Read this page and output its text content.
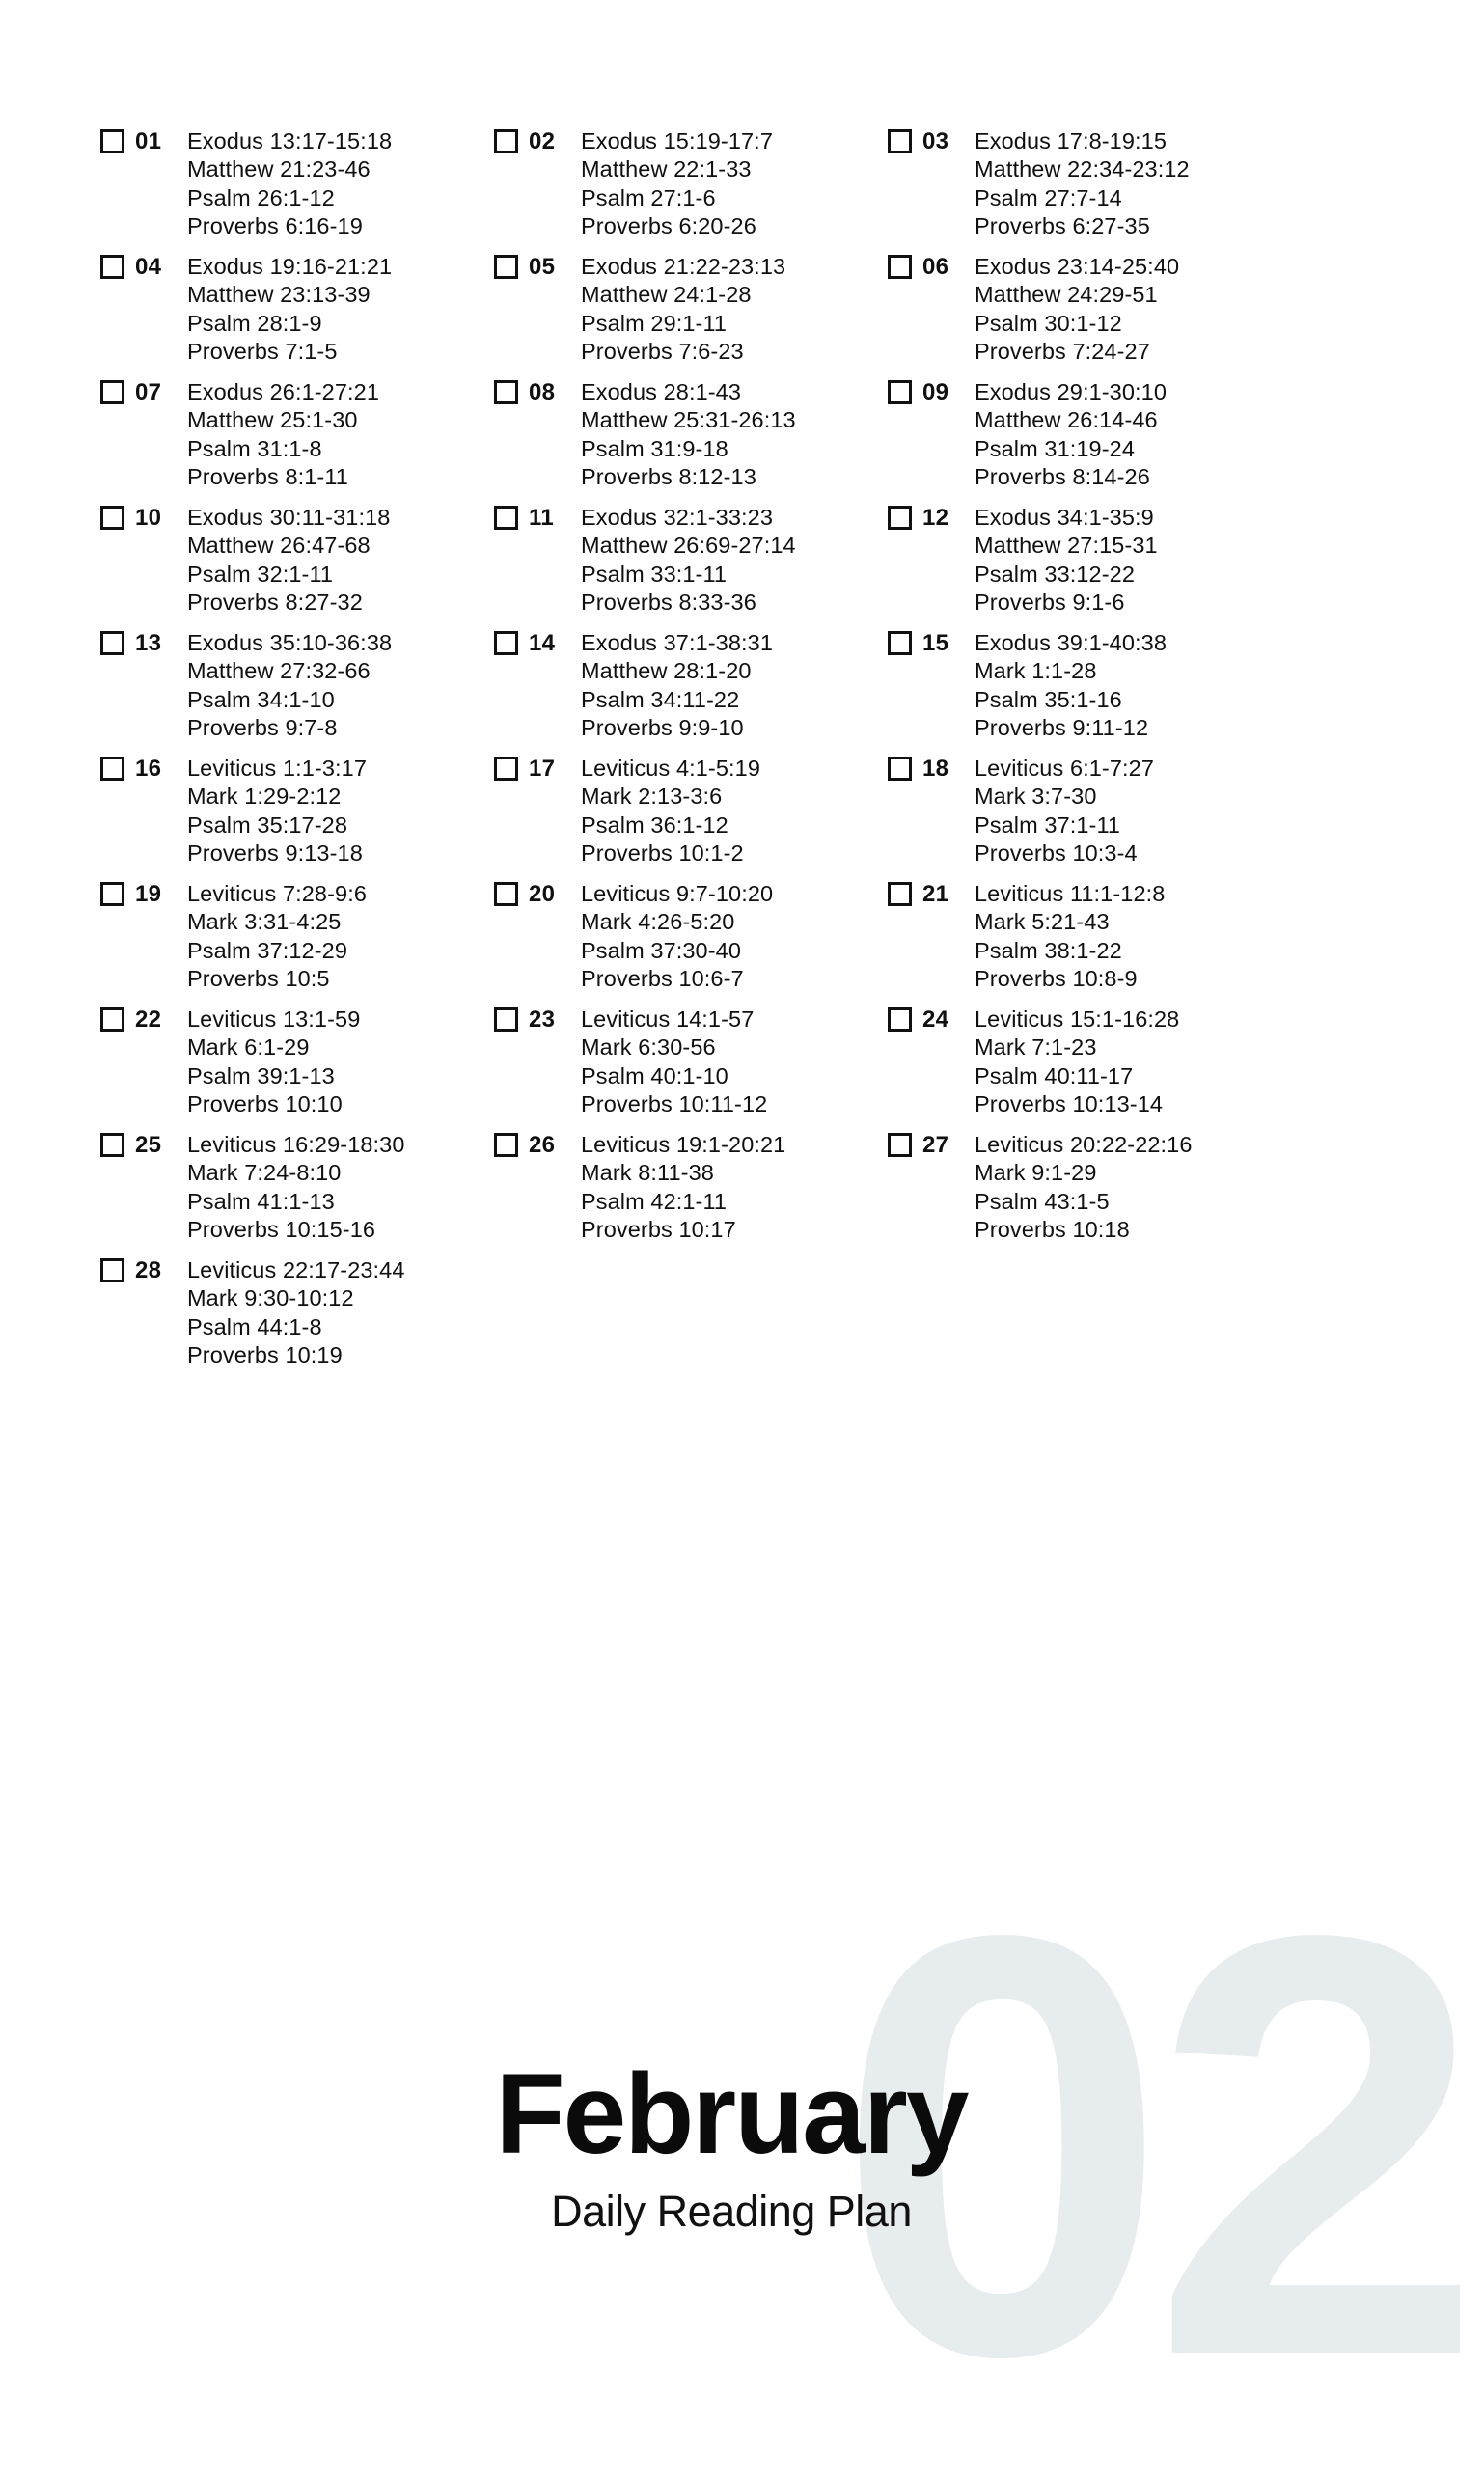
02
01	Exodus 13:17-15:18
Matthew 21:23-46
Psalm 26:1-12
Proverbs 6:16-19
02	Exodus 15:19-17:7
Matthew 22:1-33
Psalm 27:1-6
Proverbs 6:20-26
03	Exodus 17:8-19:15
Matthew 22:34-23:12
Psalm 27:7-14
Proverbs 6:27-35
04	Exodus 19:16-21:21
Matthew 23:13-39
Psalm 28:1-9
Proverbs 7:1-5
05	Exodus 21:22-23:13
Matthew 24:1-28
Psalm 29:1-11
Proverbs 7:6-23
06	Exodus 23:14-25:40
Matthew 24:29-51
Psalm 30:1-12
Proverbs 7:24-27
07	Exodus 26:1-27:21
Matthew 25:1-30
Psalm 31:1-8
Proverbs 8:1-11
08	Exodus 28:1-43
Matthew 25:31-26:13
Psalm 31:9-18
Proverbs 8:12-13
09	Exodus 29:1-30:10
Matthew 26:14-46
Psalm 31:19-24
Proverbs 8:14-26
10	Exodus 30:11-31:18
Matthew 26:47-68
Psalm 32:1-11
Proverbs 8:27-32
11	Exodus 32:1-33:23
Matthew 26:69-27:14
Psalm 33:1-11
Proverbs 8:33-36
12	Exodus 34:1-35:9
Matthew 27:15-31
Psalm 33:12-22
Proverbs 9:1-6
13	Exodus 35:10-36:38
Matthew 27:32-66
Psalm 34:1-10
Proverbs 9:7-8
14	Exodus 37:1-38:31
Matthew 28:1-20
Psalm 34:11-22
Proverbs 9:9-10
15	Exodus 39:1-40:38
Mark 1:1-28
Psalm 35:1-16
Proverbs 9:11-12
16	Leviticus 1:1-3:17
Mark 1:29-2:12
Psalm 35:17-28
Proverbs 9:13-18
17	Leviticus 4:1-5:19
Mark 2:13-3:6
Psalm 36:1-12
Proverbs 10:1-2
18	Leviticus 6:1-7:27
Mark 3:7-30
Psalm 37:1-11
Proverbs 10:3-4
19	Leviticus 7:28-9:6
Mark 3:31-4:25
Psalm 37:12-29
Proverbs 10:5
20	Leviticus 9:7-10:20
Mark 4:26-5:20
Psalm 37:30-40
Proverbs 10:6-7
21	Leviticus 11:1-12:8
Mark 5:21-43
Psalm 38:1-22
Proverbs 10:8-9
22	Leviticus 13:1-59
Mark 6:1-29
Psalm 39:1-13
Proverbs 10:10
23	Leviticus 14:1-57
Mark 6:30-56
Psalm 40:1-10
Proverbs 10:11-12
24	Leviticus 15:1-16:28
Mark 7:1-23
Psalm 40:11-17
Proverbs 10:13-14
25	Leviticus 16:29-18:30
Mark 7:24-8:10
Psalm 41:1-13
Proverbs 10:15-16
26	Leviticus 19:1-20:21
Mark 8:11-38
Psalm 42:1-11
Proverbs 10:17
27	Leviticus 20:22-22:16
Mark 9:1-29
Psalm 43:1-5
Proverbs 10:18
28	Leviticus 22:17-23:44
Mark 9:30-10:12
Psalm 44:1-8
Proverbs 10:19
February
Daily Reading Plan
